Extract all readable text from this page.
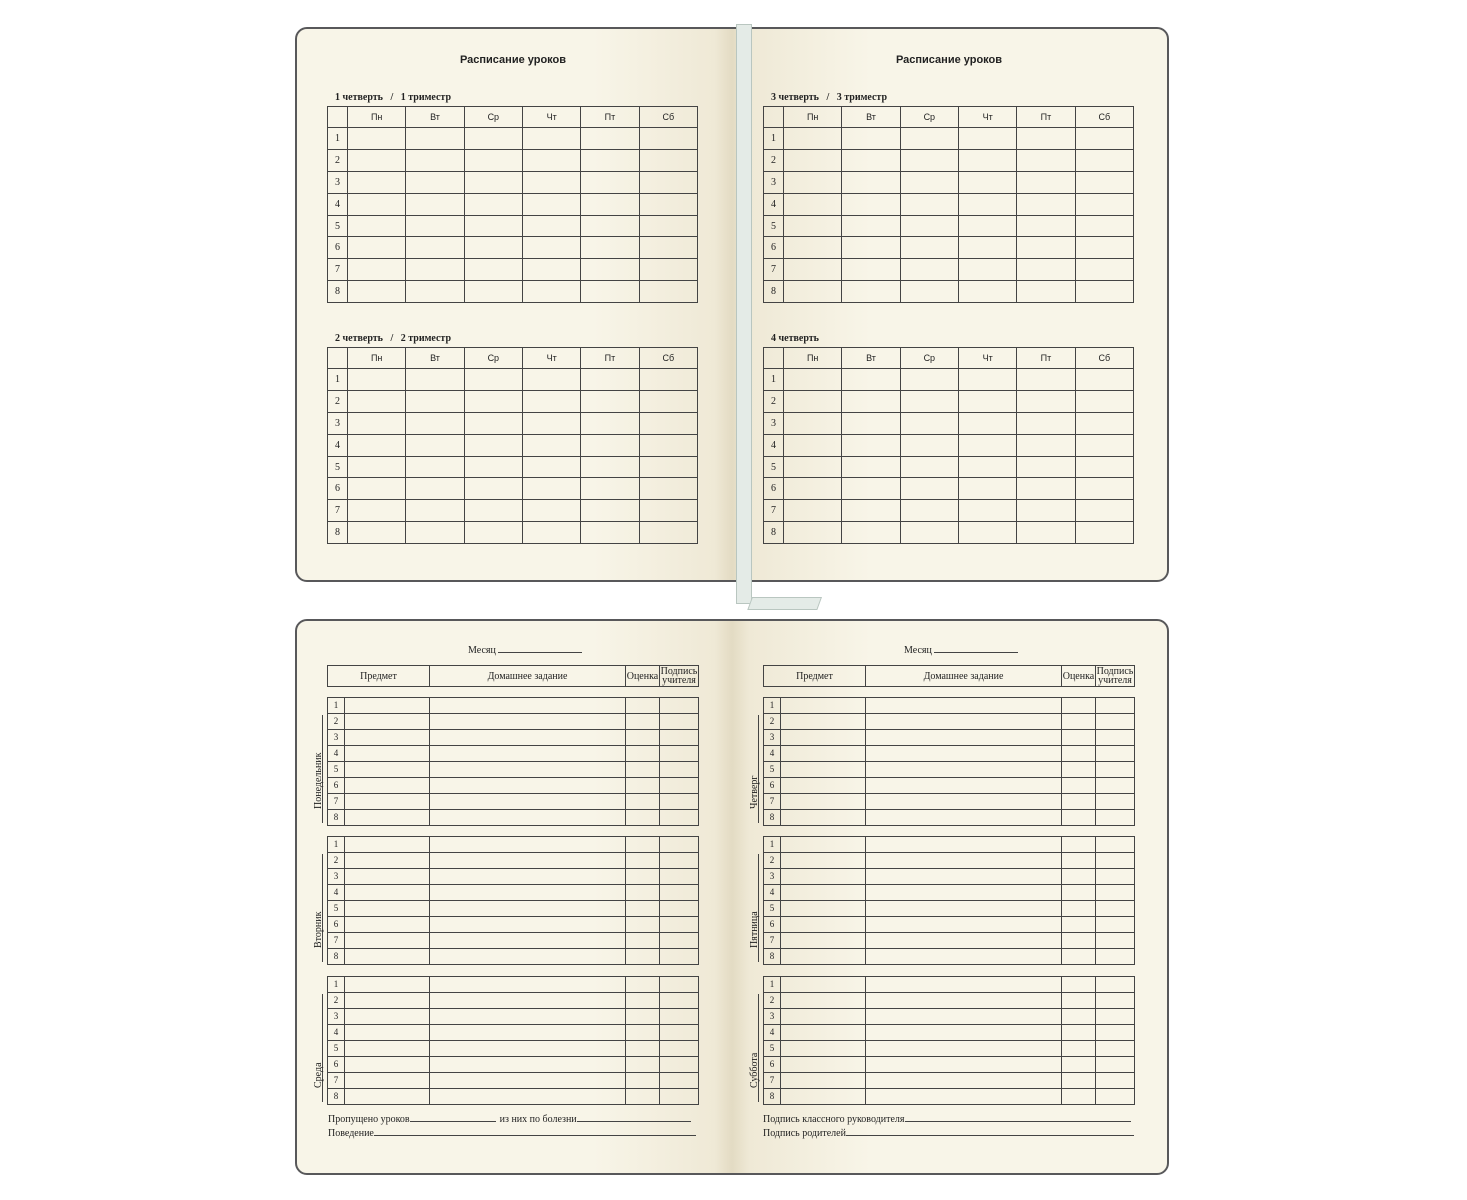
Расписание уроков
1 четверть   /   1 триместр
	Пн	Вт	Ср	Чт	Пт	Сб
1						
2						
3						
4						
5						
6						
7						
8						
2 четверть   /   2 триместр
	Пн	Вт	Ср	Чт	Пт	Сб
1						
2						
3						
4						
5						
6						
7						
8						
Расписание уроков
3 четверть   /   3 триместр
	Пн	Вт	Ср	Чт	Пт	Сб
1						
2						
3						
4						
5						
6						
7						
8						
4 четверть
	Пн	Вт	Ср	Чт	Пт	Сб
1						
2						
3						
4						
5						
6						
7						
8						
Месяц
Предмет	Домашнее задание	Оценка	Подпись учителя
1				
2				
3				
4				
5				
6				
7				
8				
Понедельник
1				
2				
3				
4				
5				
6				
7				
8				
Вторник
1				
2				
3				
4				
5				
6				
7				
8				
Среда
Пропущено уроков	из них по болезни
Поведение
Месяц
Предмет	Домашнее задание	Оценка	Подпись учителя
1				
2				
3				
4				
5				
6				
7				
8				
Четверг
1				
2				
3				
4				
5				
6				
7				
8				
Пятница
1				
2				
3				
4				
5				
6				
7				
8				
Суббота
Подпись классного руководителя
Подпись родителей
